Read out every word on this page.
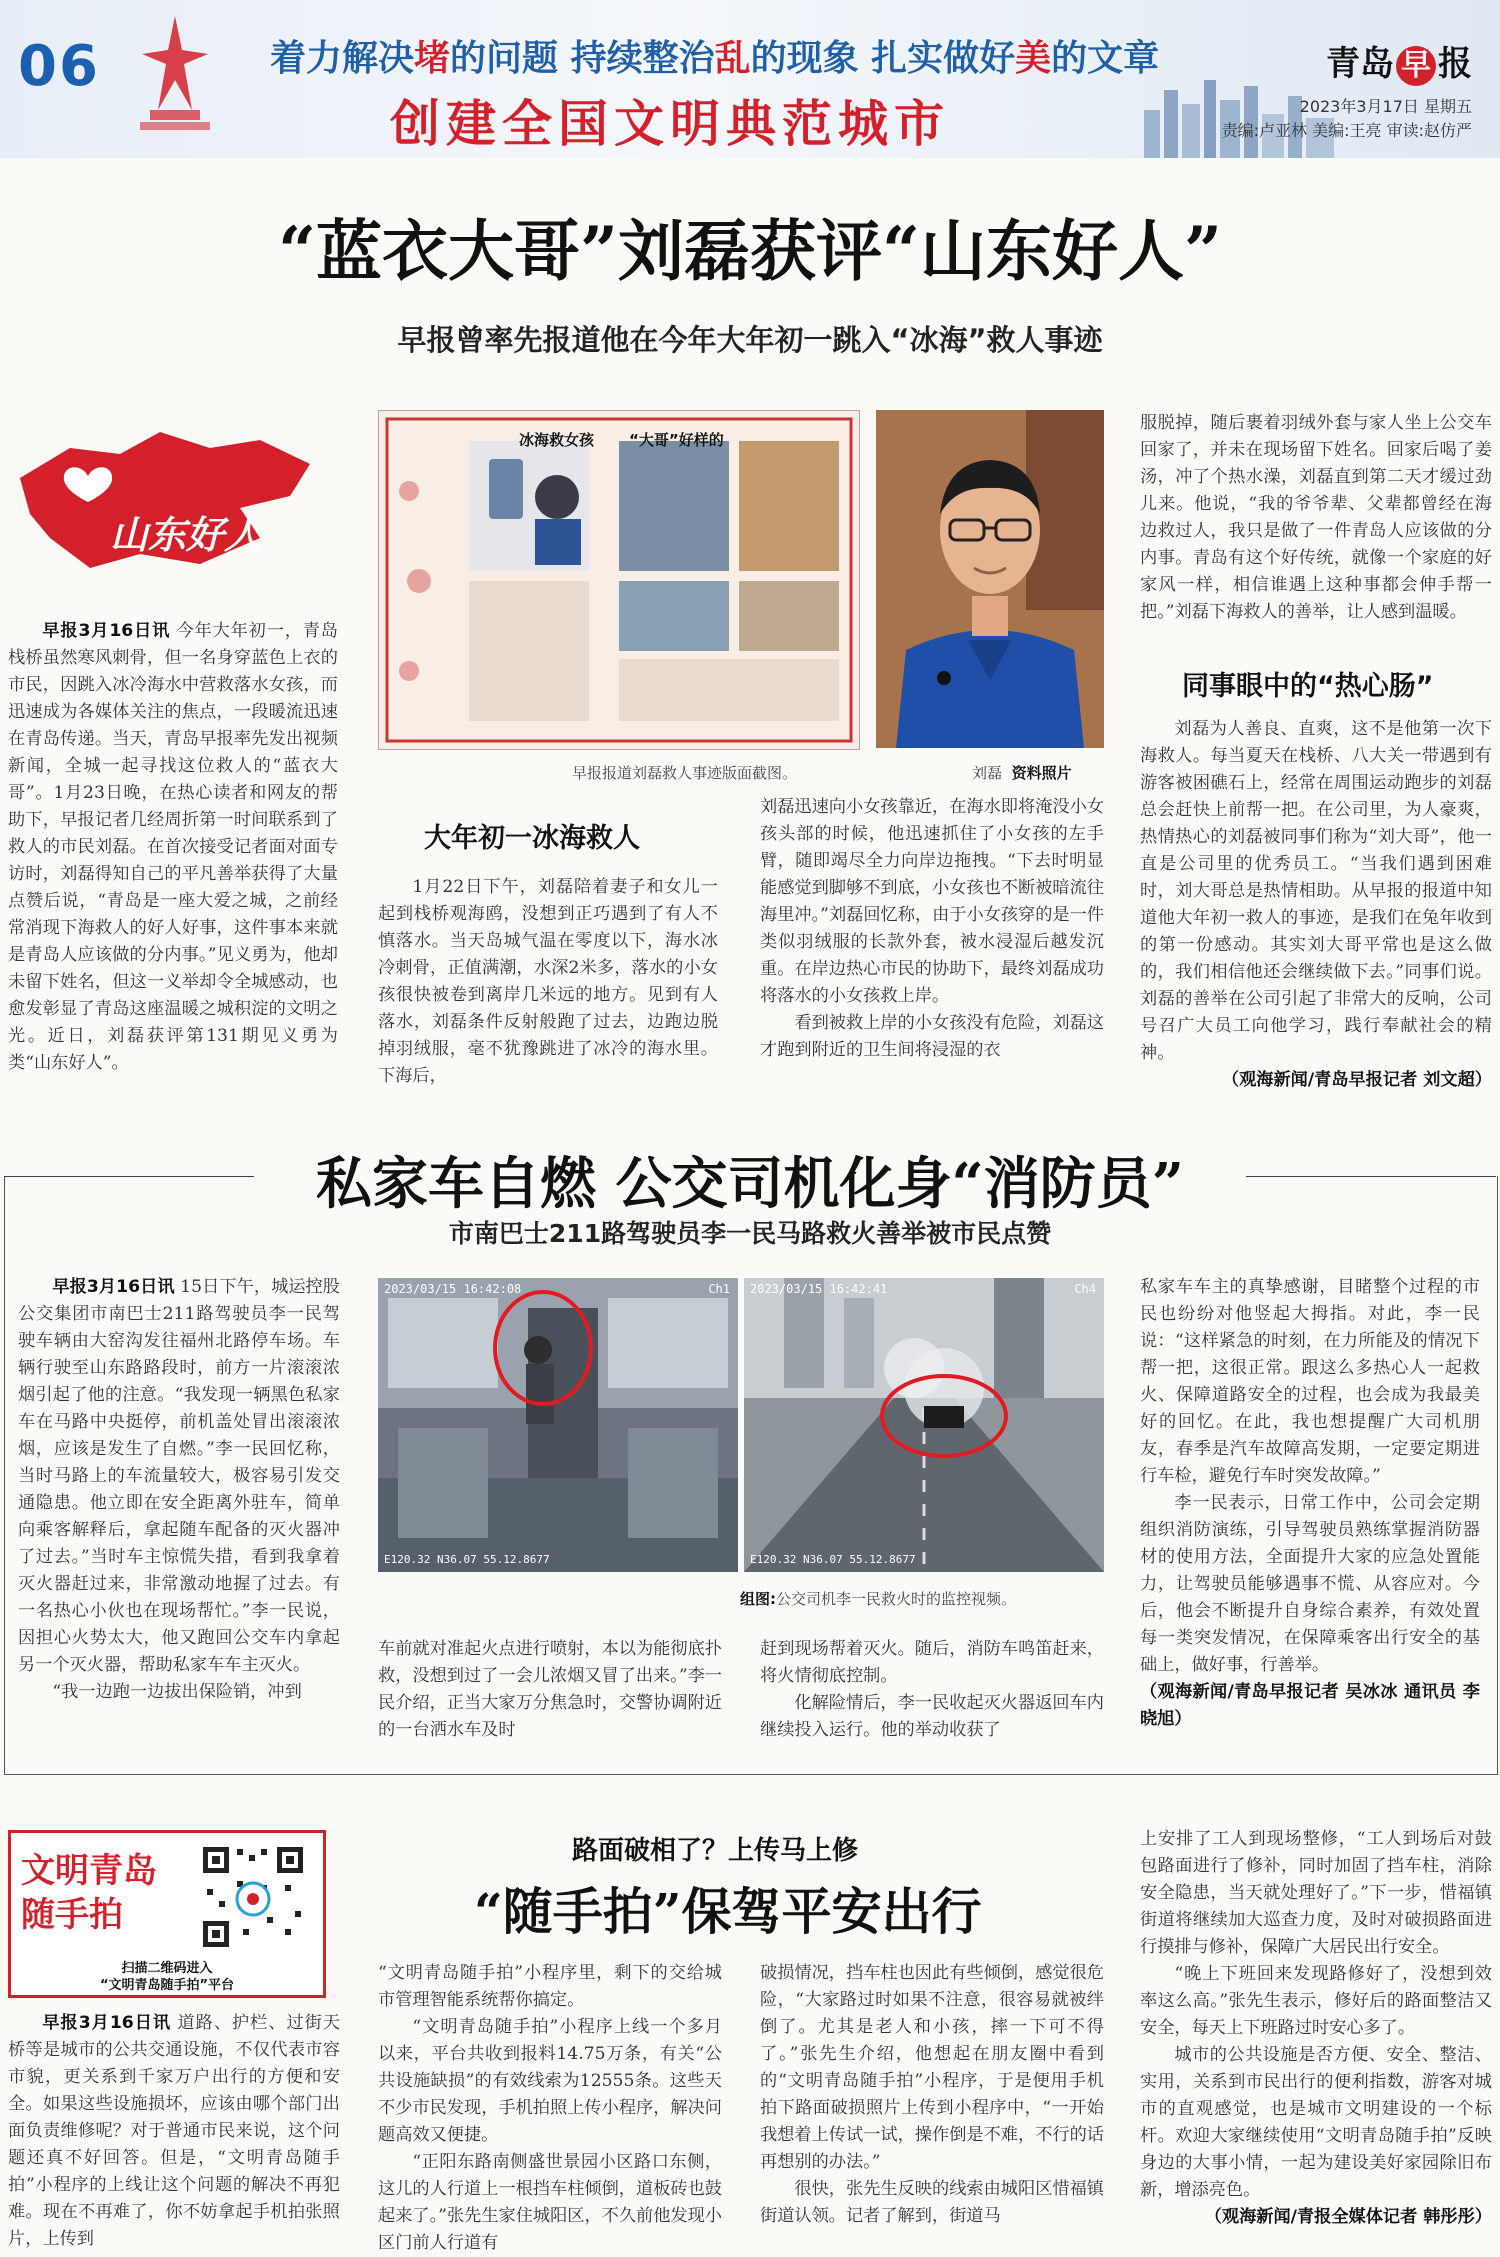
06	着力解决堵的问题 持续整治乱的现象 扎实做好美的文章
创建全国文明典范城市
青岛 早 报
2023年3月17日 星期五
责编:卢亚林 美编:王亮 审读:赵仿严
“蓝衣大哥”刘磊获评“山东好人”
早报曾率先报道他在今年大年初一跳入“冰海”救人事迹
山东好人

早报3月16日讯 今年大年初一，青岛栈桥虽然寒风刺骨，但一名身穿蓝色上衣的市民，因跳入冰冷海水中营救落水女孩，而迅速成为各媒体关注的焦点，一段暖流迅速在青岛传递。当天，青岛早报率先发出视频新闻，全城一起寻找这位救人的“蓝衣大哥”。1月23日晚，在热心读者和网友的帮助下，早报记者几经周折第一时间联系到了救人的市民刘磊。在首次接受记者面对面专访时，刘磊得知自己的平凡善举获得了大量点赞后说，“青岛是一座大爱之城，之前经常消现下海救人的好人好事，这件事本来就是青岛人应该做的分内事。”见义勇为，他却未留下姓名，但这一义举却令全城感动，也愈发彰显了青岛这座温暖之城积淀的文明之光。近日，刘磊获评第131期见义勇为类“山东好人”。

冰海救女孩 “大哥”好样的
早报报道刘磊救人事迹版面截图。	刘磊 资料照片
大年初一冰海救人

1月22日下午，刘磊陪着妻子和女儿一起到栈桥观海鸥，没想到正巧遇到了有人不慎落水。当天岛城气温在零度以下，海水冰冷刺骨，正值满潮，水深2米多，落水的小女孩很快被卷到离岸几米远的地方。见到有人落水，刘磊条件反射般跑了过去，边跑边脱掉羽绒服，毫不犹豫跳进了冰冷的海水里。下海后，

刘磊迅速向小女孩靠近，在海水即将淹没小女孩头部的时候，他迅速抓住了小女孩的左手臂，随即竭尽全力向岸边拖拽。“下去时明显能感觉到脚够不到底，小女孩也不断被暗流往海里冲。”刘磊回忆称，由于小女孩穿的是一件类似羽绒服的长款外套，被水浸湿后越发沉重。在岸边热心市民的协助下，最终刘磊成功将落水的小女孩救上岸。

看到被救上岸的小女孩没有危险，刘磊这才跑到附近的卫生间将浸湿的衣

服脱掉，随后裹着羽绒外套与家人坐上公交车回家了，并未在现场留下姓名。回家后喝了姜汤，冲了个热水澡，刘磊直到第二天才缓过劲儿来。他说，“我的爷爷辈、父辈都曾经在海边救过人，我只是做了一件青岛人应该做的分内事。青岛有这个好传统，就像一个家庭的好家风一样，相信谁遇上这种事都会伸手帮一把。”刘磊下海救人的善举，让人感到温暖。

同事眼中的“热心肠”

刘磊为人善良、直爽，这不是他第一次下海救人。每当夏天在栈桥、八大关一带遇到有游客被困礁石上，经常在周围运动跑步的刘磊总会赶快上前帮一把。在公司里，为人豪爽，热情热心的刘磊被同事们称为“刘大哥”，他一直是公司里的优秀员工。“当我们遇到困难时，刘大哥总是热情相助。从早报的报道中知道他大年初一救人的事迹，是我们在兔年收到的第一份感动。其实刘大哥平常也是这么做的，我们相信他还会继续做下去。”同事们说。刘磊的善举在公司引起了非常大的反响，公司号召广大员工向他学习，践行奉献社会的精神。

（观海新闻/青岛早报记者 刘文超）

私家车自燃 公交司机化身“消防员”
市南巴士211路驾驶员李一民马路救火善举被市民点赞

早报3月16日讯 15日下午，城运控股公交集团市南巴士211路驾驶员李一民驾驶车辆由大窑沟发往福州北路停车场。车辆行驶至山东路路段时，前方一片滚滚浓烟引起了他的注意。“我发现一辆黑色私家车在马路中央挺停，前机盖处冒出滚滚浓烟，应该是发生了自燃。”李一民回忆称，当时马路上的车流量较大，极容易引发交通隐患。他立即在安全距离外驻车，简单向乘客解释后，拿起随车配备的灭火器冲了过去。”当时车主惊慌失措，看到我拿着灭火器赶过来，非常激动地握了过去。有一名热心小伙也在现场帮忙。”李一民说，因担心火势太大，他又跑回公交车内拿起另一个灭火器，帮助私家车车主灭火。

“我一边跑一边拔出保险销，冲到

2023/03/15 16:42:08	Ch1
E120.32 N36.07 55.12.8677
2023/03/15 16:42:41	Ch4
E120.32 N36.07 55.12.8677
组图:公交司机李一民救火时的监控视频。

车前就对准起火点进行喷射，本以为能彻底扑救，没想到过了一会儿浓烟又冒了出来。”李一民介绍，正当大家万分焦急时，交警协调附近的一台洒水车及时

赶到现场帮着灭火。随后，消防车鸣笛赶来，将火情彻底控制。

化解险情后，李一民收起灭火器返回车内继续投入运行。他的举动收获了

私家车车主的真挚感谢，目睹整个过程的市民也纷纷对他竖起大拇指。对此，李一民说：“这样紧急的时刻，在力所能及的情况下帮一把，这很正常。跟这么多热心人一起救火、保障道路安全的过程，也会成为我最美好的回忆。在此，我也想提醒广大司机朋友，春季是汽车故障高发期，一定要定期进行车检，避免行车时突发故障。”

李一民表示，日常工作中，公司会定期组织消防演练，引导驾驶员熟练掌握消防器材的使用方法，全面提升大家的应急处置能力，让驾驶员能够遇事不慌、从容应对。今后，他会不断提升自身综合素养，有效处置每一类突发情况，在保障乘客出行安全的基础上，做好事，行善举。

（观海新闻/青岛早报记者 吴冰冰 通讯员 李晓旭）

文明青岛
随手拍
扫描二维码进入
“文明青岛随手拍”平台

早报3月16日讯 道路、护栏、过街天桥等是城市的公共交通设施，不仅代表市容市貌，更关系到千家万户出行的方便和安全。如果这些设施损坏，应该由哪个部门出面负责维修呢？对于普通市民来说，这个问题还真不好回答。但是，“文明青岛随手拍”小程序的上线让这个问题的解决不再犯难。现在不再难了，你不妨拿起手机拍张照片，上传到

路面破相了？上传马上修
“随手拍”保驾平安出行

“文明青岛随手拍”小程序里，剩下的交给城市管理智能系统帮你搞定。

“文明青岛随手拍”小程序上线一个多月以来，平台共收到报料14.75万条，有关“公共设施缺损”的有效线索为12555条。这些天不少市民发现，手机拍照上传小程序，解决问题高效又便捷。

“正阳东路南侧盛世景园小区路口东侧，这儿的人行道上一根挡车柱倾倒，道板砖也鼓起来了。”张先生家住城阳区，不久前他发现小区门前人行道有

破损情况，挡车柱也因此有些倾倒，感觉很危险，“大家路过时如果不注意，很容易就被绊倒了。尤其是老人和小孩，摔一下可不得了。”张先生介绍，他想起在朋友圈中看到的“文明青岛随手拍”小程序，于是便用手机拍下路面破损照片上传到小程序中，“一开始我想着上传试一试，操作倒是不难，不行的话再想别的办法。”

很快，张先生反映的线索由城阳区惜福镇街道认领。记者了解到，街道马

上安排了工人到现场整修，“工人到场后对鼓包路面进行了修补，同时加固了挡车柱，消除安全隐患，当天就处理好了。”下一步，惜福镇街道将继续加大巡查力度，及时对破损路面进行摸排与修补，保障广大居民出行安全。

“晚上下班回来发现路修好了，没想到效率这么高。”张先生表示，修好后的路面整洁又安全，每天上下班路过时安心多了。

城市的公共设施是否方便、安全、整洁、实用，关系到市民出行的便利指数，游客对城市的直观感觉，也是城市文明建设的一个标杆。欢迎大家继续使用“文明青岛随手拍”反映身边的大事小情，一起为建设美好家园除旧布新，增添亮色。

（观海新闻/青报全媒体记者 韩彤彤）
